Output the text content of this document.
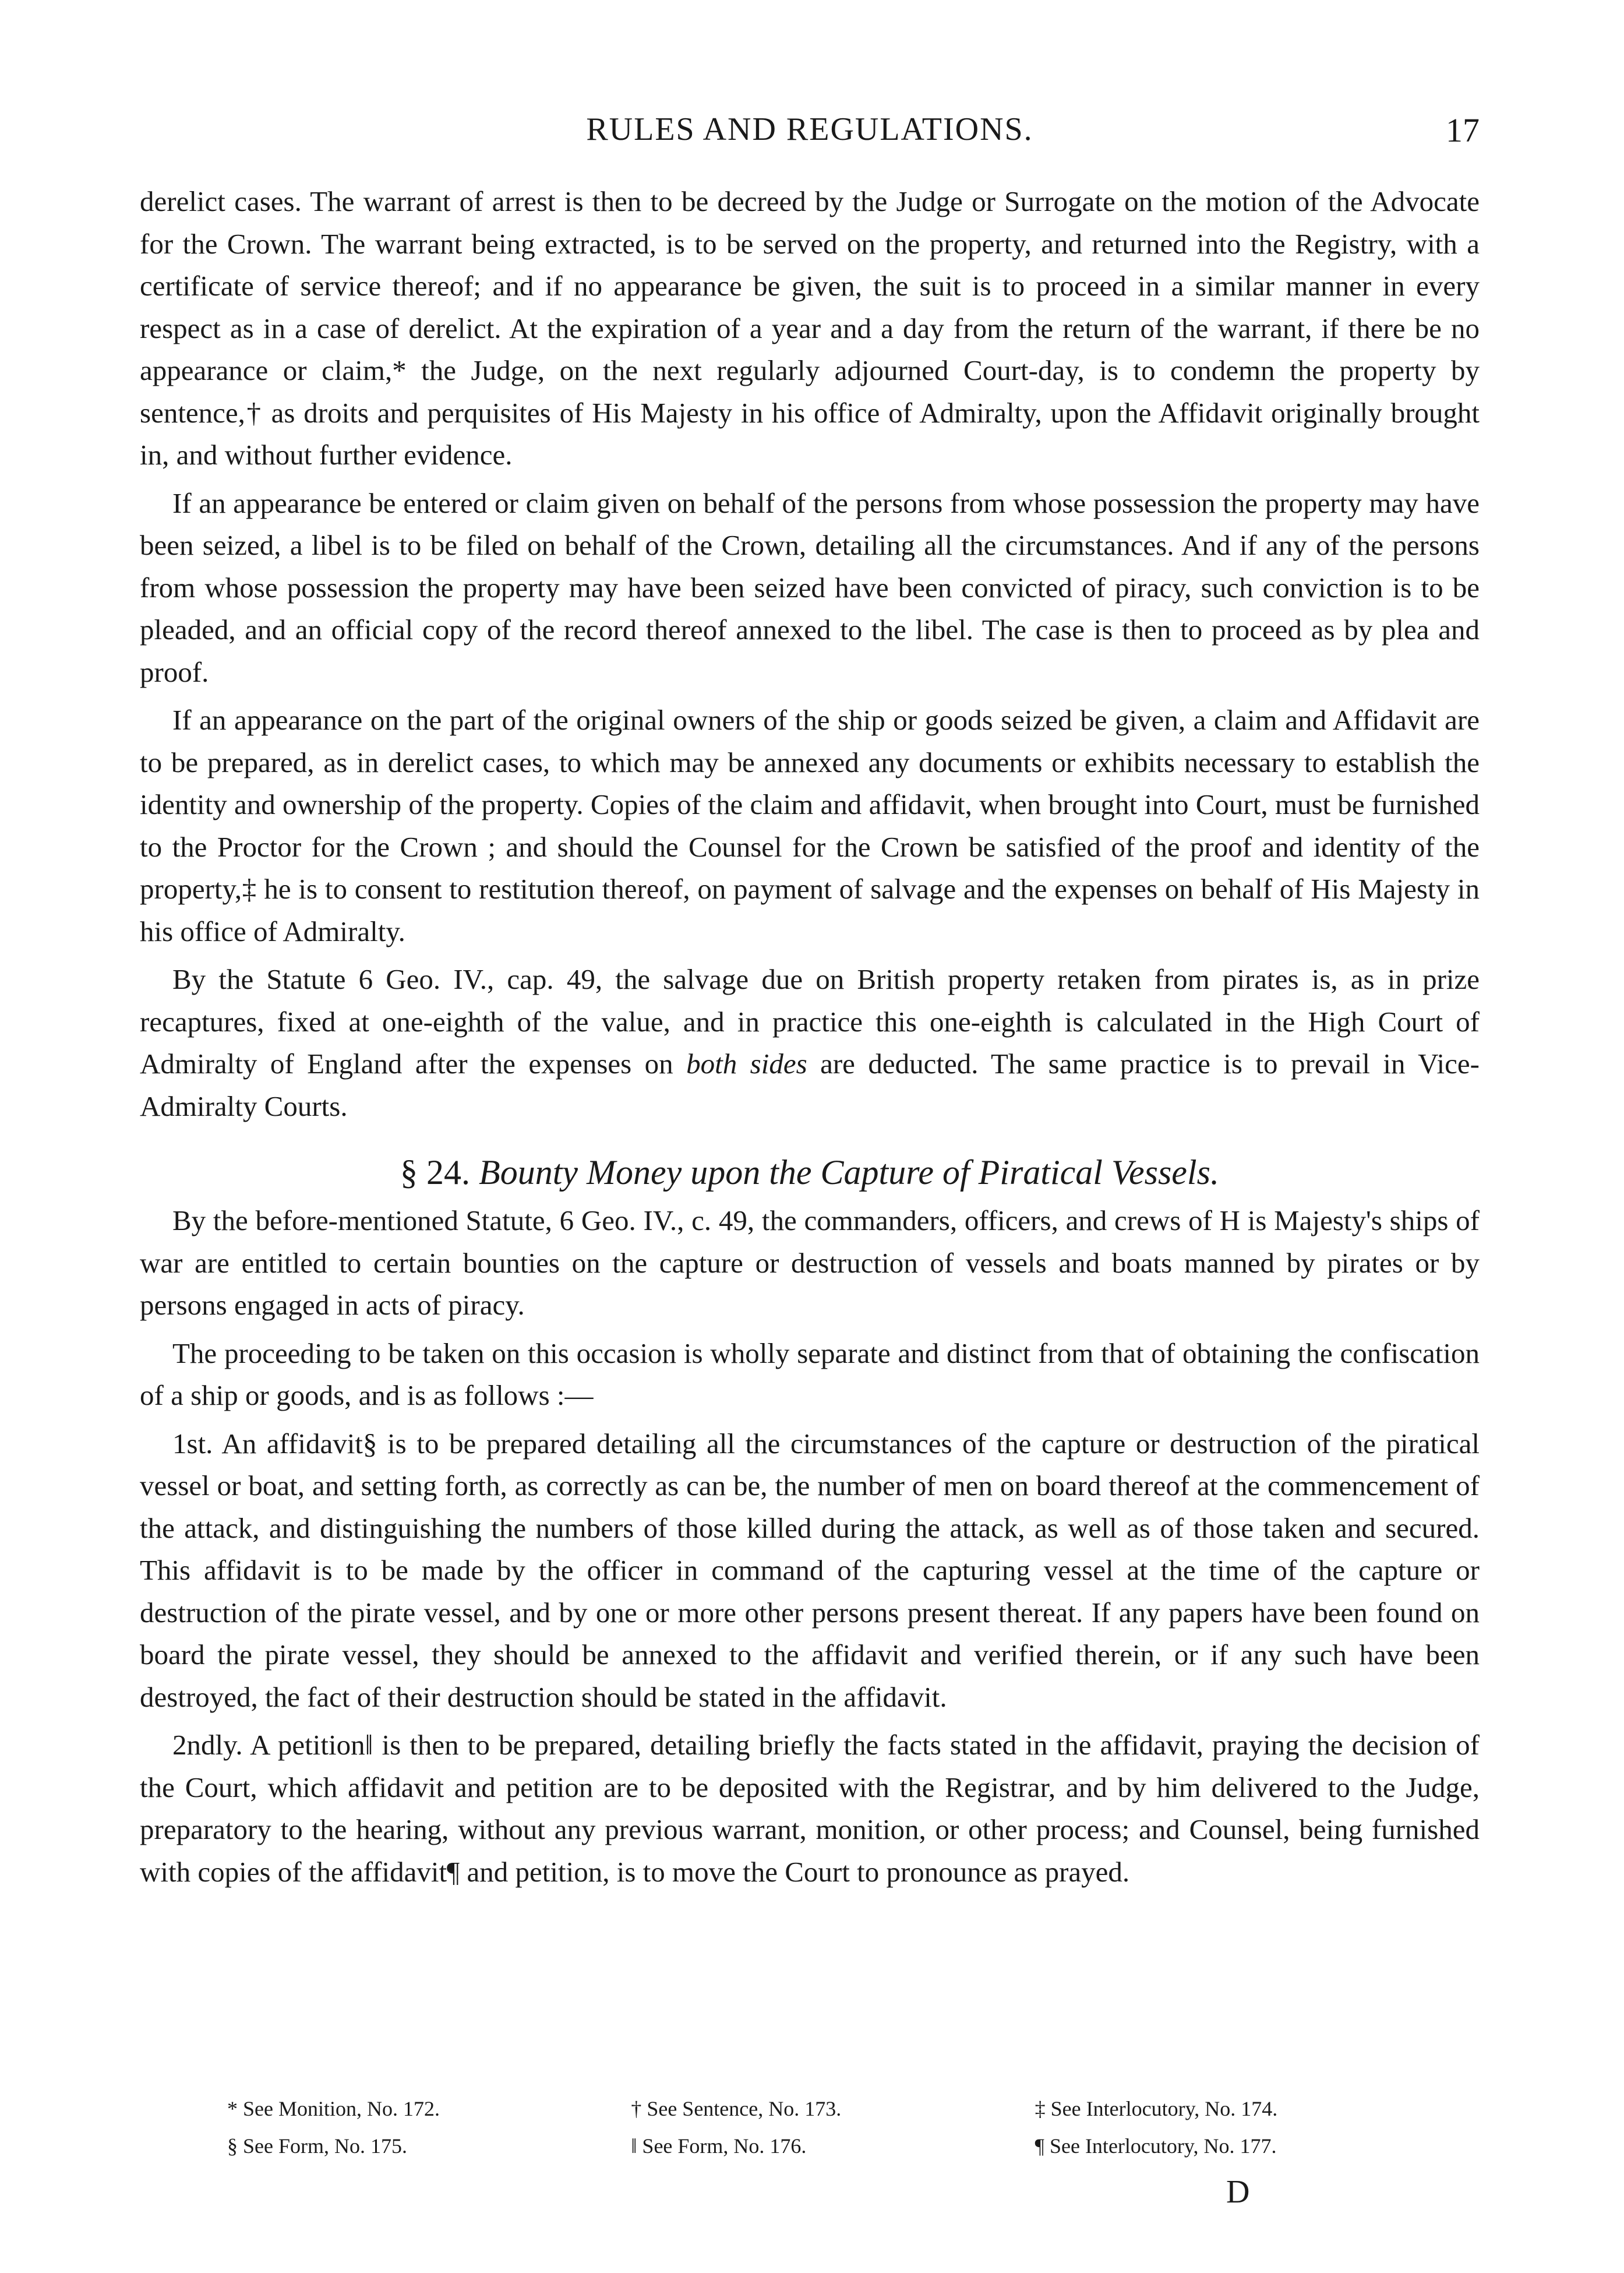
RULES AND REGULATIONS.	17

derelict cases. The warrant of arrest is then to be decreed by the Judge or Surrogate on the motion of the Advocate for the Crown. The warrant being extracted, is to be served on the property, and returned into the Registry, with a certificate of service thereof; and if no appearance be given, the suit is to proceed in a similar manner in every respect as in a case of derelict. At the expiration of a year and a day from the return of the warrant, if there be no appearance or claim,* the Judge, on the next regularly adjourned Court-day, is to condemn the property by sentence,† as droits and perquisites of His Majesty in his office of Admiralty, upon the Affidavit originally brought in, and without further evidence.

If an appearance be entered or claim given on behalf of the persons from whose possession the property may have been seized, a libel is to be filed on behalf of the Crown, detailing all the circumstances. And if any of the persons from whose possession the property may have been seized have been convicted of piracy, such conviction is to be pleaded, and an official copy of the record thereof annexed to the libel. The case is then to proceed as by plea and proof.

If an appearance on the part of the original owners of the ship or goods seized be given, a claim and Affidavit are to be prepared, as in derelict cases, to which may be annexed any documents or exhibits necessary to establish the identity and ownership of the property. Copies of the claim and affidavit, when brought into Court, must be furnished to the Proctor for the Crown ; and should the Counsel for the Crown be satisfied of the proof and identity of the property,‡ he is to consent to restitution thereof, on payment of salvage and the expenses on behalf of His Majesty in his office of Admiralty.

By the Statute 6 Geo. IV., cap. 49, the salvage due on British property retaken from pirates is, as in prize recaptures, fixed at one-eighth of the value, and in practice this one-eighth is calculated in the High Court of Admiralty of England after the expenses on both sides are deducted. The same practice is to prevail in Vice-Admiralty Courts.

§ 24. Bounty Money upon the Capture of Piratical Vessels.

By the before-mentioned Statute, 6 Geo. IV., c. 49, the commanders, officers, and crews of H is Majesty's ships of war are entitled to certain bounties on the capture or destruction of vessels and boats manned by pirates or by persons engaged in acts of piracy.

The proceeding to be taken on this occasion is wholly separate and distinct from that of obtaining the confiscation of a ship or goods, and is as follows :—

1st. An affidavit§ is to be prepared detailing all the circumstances of the capture or destruction of the piratical vessel or boat, and setting forth, as correctly as can be, the number of men on board thereof at the commencement of the attack, and distinguishing the numbers of those killed during the attack, as well as of those taken and secured. This affidavit is to be made by the officer in command of the capturing vessel at the time of the capture or destruction of the pirate vessel, and by one or more other persons present thereat. If any papers have been found on board the pirate vessel, they should be annexed to the affidavit and verified therein, or if any such have been destroyed, the fact of their destruction should be stated in the affidavit.

2ndly. A petition‖ is then to be prepared, detailing briefly the facts stated in the affidavit, praying the decision of the Court, which affidavit and petition are to be deposited with the Registrar, and by him delivered to the Judge, preparatory to the hearing, without any previous warrant, monition, or other process; and Counsel, being furnished with copies of the affidavit¶ and petition, is to move the Court to pronounce as prayed.

* See Monition, No. 172.	† See Sentence, No. 173.	‡ See Interlocutory, No. 174.
§ See Form, No. 175.	‖ See Form, No. 176.	¶ See Interlocutory, No. 177.
D
